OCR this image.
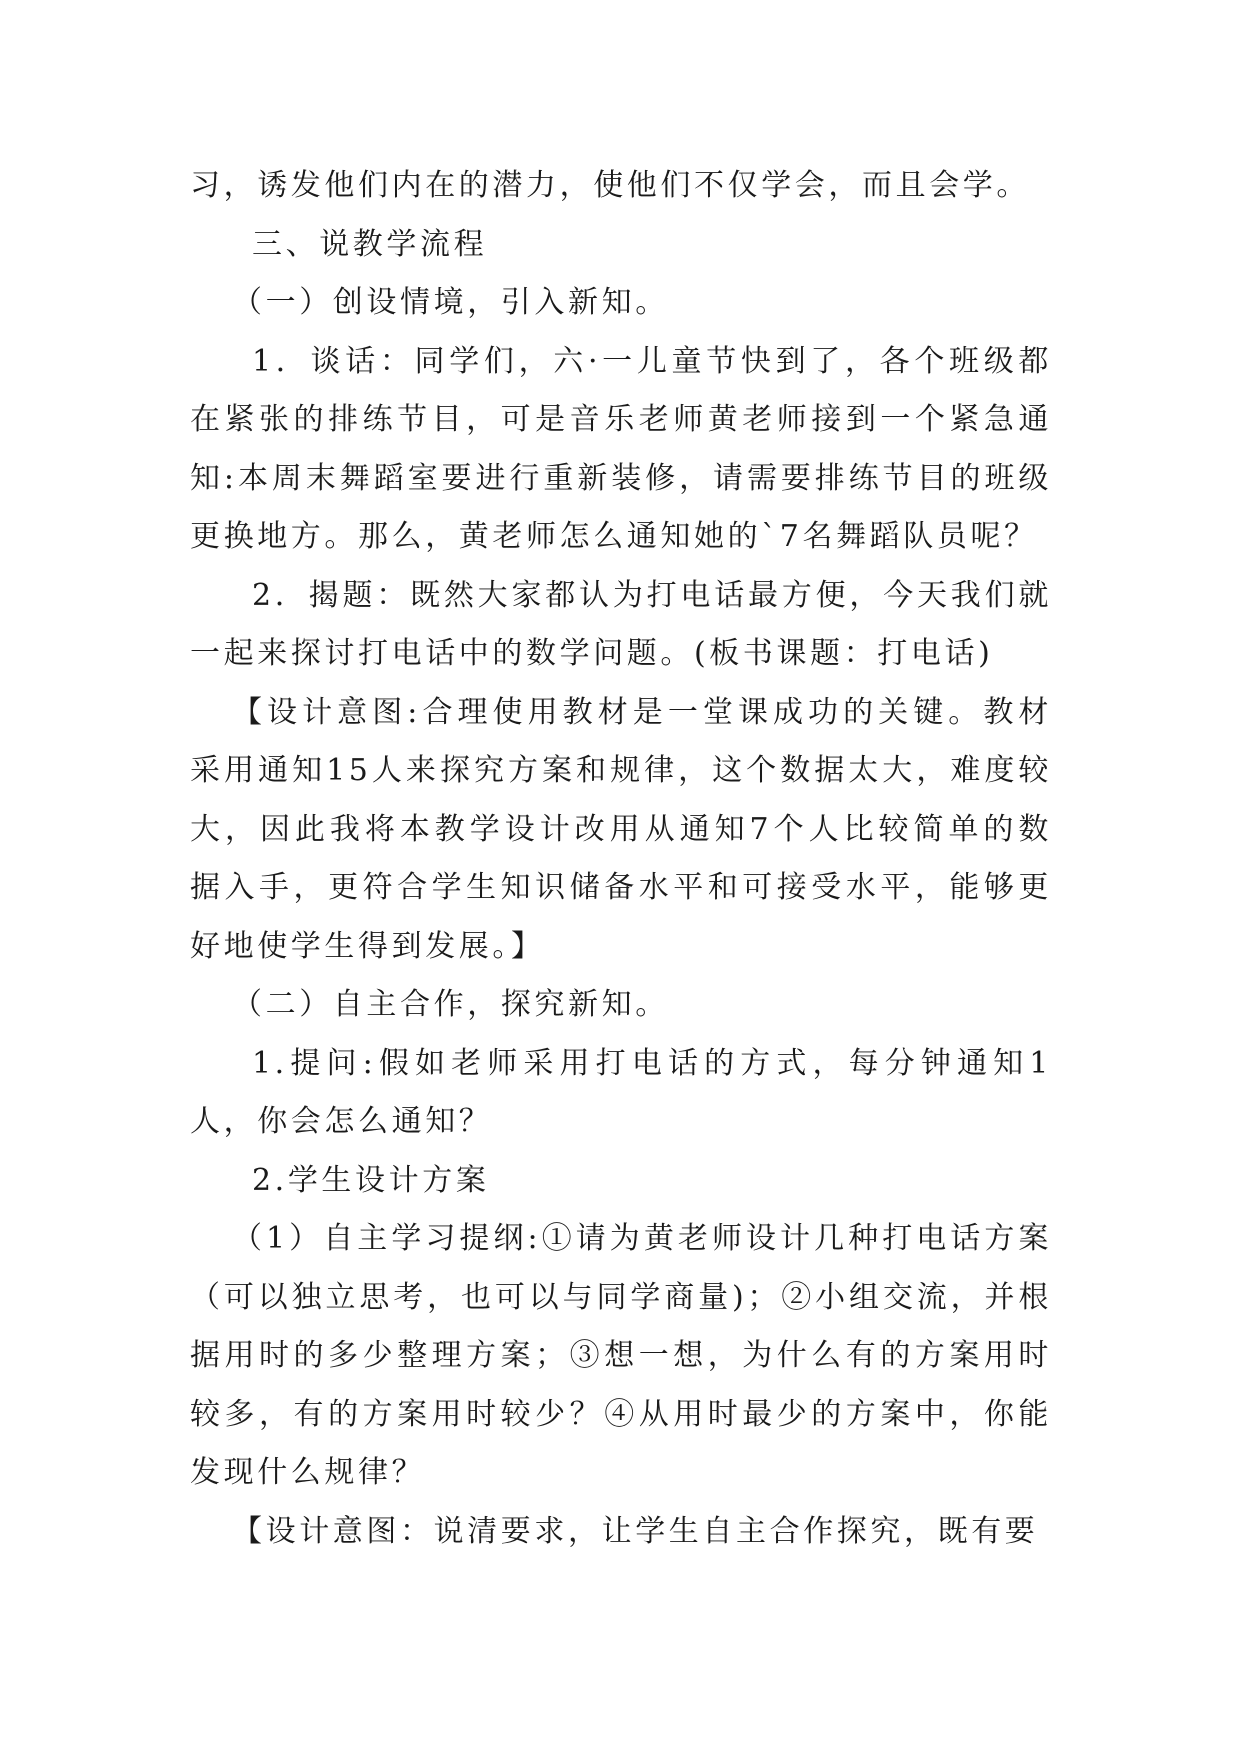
习，诱发他们内在的潜力，使他们不仅学会，而且会学。

三、说教学流程

（一）创设情境，引入新知。

1．谈话：同学们，六·一儿童节快到了，各个班级都在紧张的排练节目，可是音乐老师黄老师接到一个紧急通知:本周末舞蹈室要进行重新装修，请需要排练节目的班级更换地方。那么，黄老师怎么通知她的`7名舞蹈队员呢？

2．揭题：既然大家都认为打电话最方便，今天我们就一起来探讨打电话中的数学问题。(板书课题：打电话)

【设计意图:合理使用教材是一堂课成功的关键。教材采用通知15人来探究方案和规律，这个数据太大，难度较大，因此我将本教学设计改用从通知7个人比较简单的数据入手，更符合学生知识储备水平和可接受水平，能够更好地使学生得到发展。】

（二）自主合作，探究新知。

1.提问:假如老师采用打电话的方式，每分钟通知1人，你会怎么通知？

2.学生设计方案

（1）自主学习提纲:①请为黄老师设计几种打电话方案（可以独立思考，也可以与同学商量)；②小组交流，并根据用时的多少整理方案；③想一想，为什么有的方案用时较多，有的方案用时较少？④从用时最少的方案中，你能发现什么规律？

【设计意图：说清要求，让学生自主合作探究，既有要
